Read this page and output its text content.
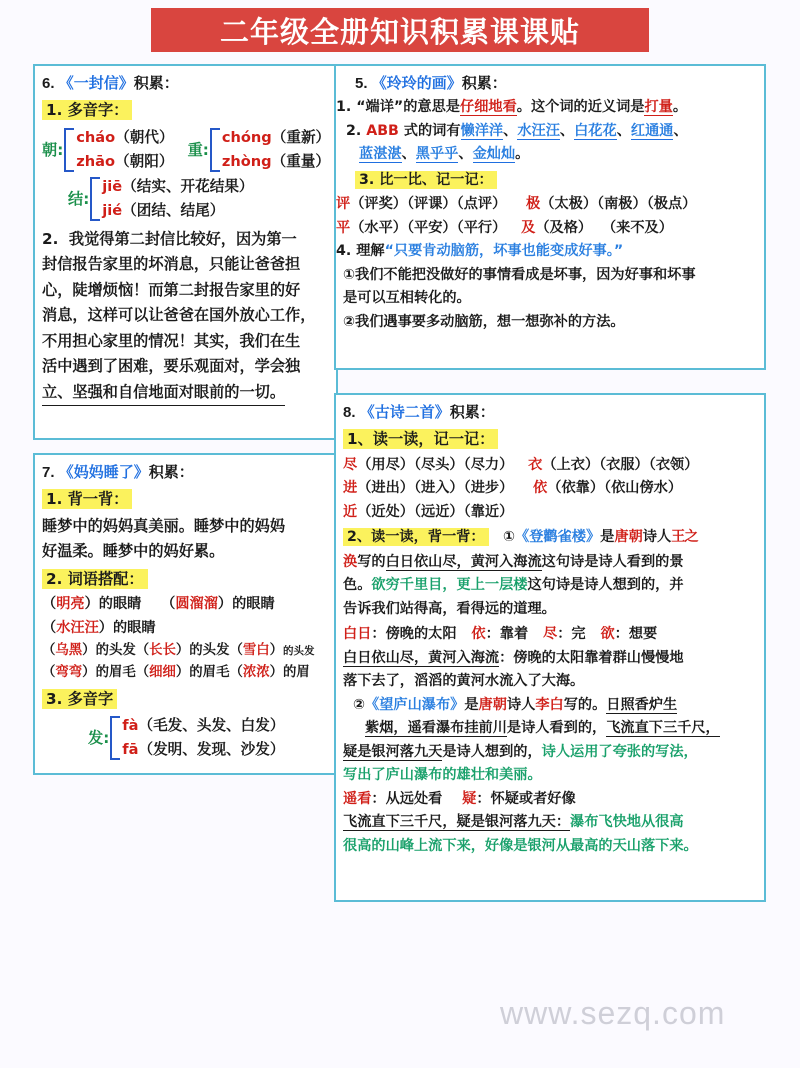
二年级全册知识积累课课贴
6. 《一封信》积累：
1. 多音字：
朝 :
cháo（朝代）
zhāo（朝阳）
重 :
chóng（重新）
zhòng（重量）
结 :
jiē（结实、开花结果）
jié（团结、结尾）
2. 我觉得第二封信比较好，因为第一
封信报告家里的坏消息，只能让爸爸担
心，陡增烦恼！而第二封报告家里的好
消息，这样可以让爸爸在国外放心工作，
不用担心家里的情况！其实，我们在生
活中遇到了困难，要乐观面对，学会独
立、坚强和自信地面对眼前的一切。
7. 《妈妈睡了》积累：
1. 背一背：
睡梦中的妈妈真美丽。睡梦中的妈妈
好温柔。睡梦中的妈好累。
2. 词语搭配：
（明亮）的眼睛    （圆溜溜）的眼睛
（水汪汪）的眼睛
（乌黑）的头发（长长）的头发（雪白）的头发
（弯弯）的眉毛（细细）的眉毛（浓浓）的眉
3. 多音字
发 :
fà（毛发、头发、白发）
fā（发明、发现、沙发）
5. 《玲玲的画》积累：
1. “端详”的意思是仔细地看。这个词的近义词是打量。
2. ABB 式的词有懒洋洋、水汪汪、白花花、红通通、
蓝湛湛、黑乎乎、金灿灿。
3. 比一比、记一记：
评（评奖）（评课）（点评） 极（太极）（南极）（极点）
平（水平）（平安）（平行） 及（及格） （来不及）
4. 理解“只要肯动脑筋，坏事也能变成好事。”
①我们不能把没做好的事情看成是坏事，因为好事和坏事
是可以互相转化的。
②我们遇事要多动脑筋，想一想弥补的方法。
8. 《古诗二首》积累：
1、读一读，记一记：
尽（用尽）（尽头）（尽力） 衣（上衣）（衣服）（衣领）
进（进出）（进入）（进步） 依（依靠）（依山傍水）
近（近处）（远近）（靠近）
2、读一读，背一背： ①《登鹳雀楼》是唐朝诗人王之
涣写的白日依山尽，黄河入海流这句诗是诗人看到的景
色。欲穷千里目，更上一层楼这句诗是诗人想到的，并
告诉我们站得高，看得远的道理。
白日：傍晚的太阳 依：靠着 尽：完 欲：想要
白日依山尽，黄河入海流：傍晚的太阳靠着群山慢慢地
落下去了，滔滔的黄河水流入了大海。
②《望庐山瀑布》是唐朝诗人李白写的。日照香炉生
紫烟，遥看瀑布挂前川是诗人看到的，飞流直下三千尺，
疑是银河落九天是诗人想到的，诗人运用了夸张的写法，
写出了庐山瀑布的雄壮和美丽。
遥看：从远处看 疑：怀疑或者好像
飞流直下三千尺，疑是银河落九天：瀑布飞快地从很高
很高的山峰上流下来，好像是银河从最高的天山落下来。
www.sezq.com
